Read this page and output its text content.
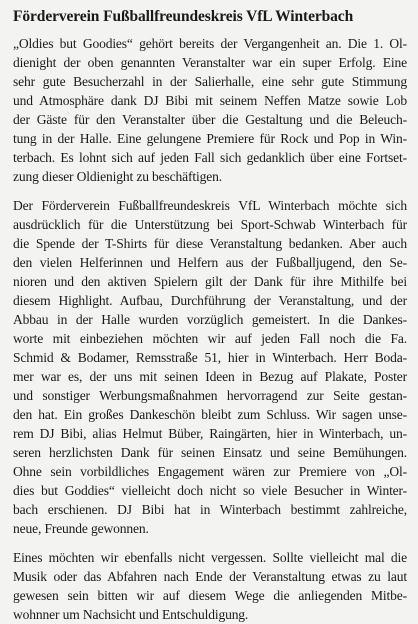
Förderverein Fußballfreundeskreis VfL Winterbach
„Oldies but Goodies“ gehört bereits der Vergangenheit an. Die 1. Ol-
dienight der oben genannten Veranstalter war ein super Erfolg. Eine
sehr gute Besucherzahl in der Salierhalle, eine sehr gute Stimmung
und Atmosphäre dank DJ Bibi mit seinem Neffen Matze sowie Lob
der Gäste für den Veranstalter über die Gestaltung und die Beleuch-
tung in der Halle. Eine gelungene Premiere für Rock und Pop in Win-
terbach. Es lohnt sich auf jeden Fall sich gedanklich über eine Fortset-
zung dieser Oldienight zu beschäftigen.
Der Förderverein Fußballfreundeskreis VfL Winterbach möchte sich
ausdrücklich für die Unterstützung bei Sport-Schwab Winterbach für
die Spende der T-Shirts für diese Veranstaltung bedanken. Aber auch
den vielen Helferinnen und Helfern aus der Fußballjugend, den Se-
nioren und den aktiven Spielern gilt der Dank für ihre Mithilfe bei
diesem Highlight. Aufbau, Durchführung der Veranstaltung, und der
Abbau in der Halle wurden vorzüglich gemeistert. In die Dankes-
worte mit einbeziehen möchten wir auf jeden Fall noch die Fa.
Schmid & Bodamer, Remsstraße 51, hier in Winterbach. Herr Boda-
mer war es, der uns mit seinen Ideen in Bezug auf Plakate, Poster
und sonstiger Werbungsmaßnahmen hervorragend zur Seite gestan-
den hat. Ein großes Dankeschön bleibt zum Schluss. Wir sagen unse-
rem DJ Bibi, alias Helmut Büber, Raingärten, hier in Winterbach, un-
seren herzlichsten Dank für seinen Einsatz und seine Bemühungen.
Ohne sein vorbildliches Engagement wären zur Premiere von „Ol-
dies but Goddies“ vielleicht doch nicht so viele Besucher in Winter-
bach erschienen. DJ Bibi hat in Winterbach bestimmt zahlreiche,
neue, Freunde gewonnen.
Eines möchten wir ebenfalls nicht vergessen. Sollte vielleicht mal die
Musik oder das Abfahren nach Ende der Veranstaltung etwas zu laut
gewesen sein bitten wir auf diesem Wege die anliegenden Mitbe-
wohnner um Nachsicht und Entschuldigung.
